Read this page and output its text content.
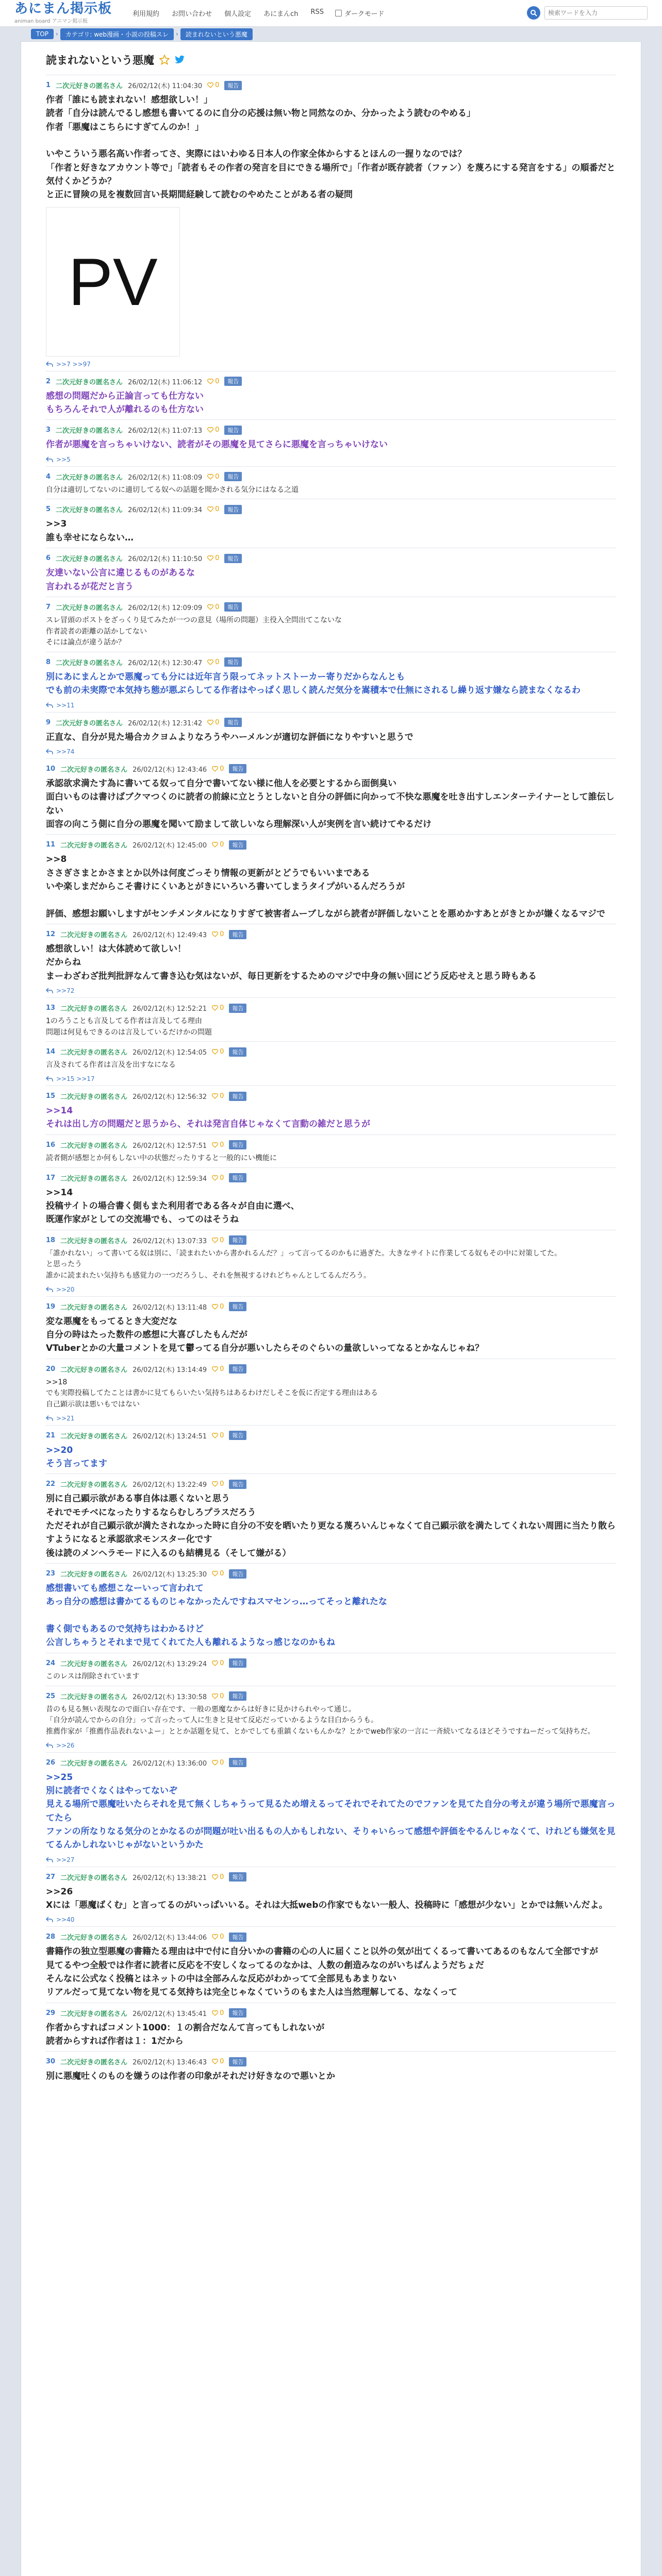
あにまん掲示板
animan board アニマン掲示板
利用規約	お問い合わせ	個人設定	あにまんch	RSS	ダークモード
検索ワードを入力
TOP	›	カテゴリ: web漫画・小説の投稿スレ	›	読まれないという悪魔
読まれないという悪魔
1 二次元好きの匿名さん 26/02/12(木) 11:04:30 0	報告
作者「誰にも読まれない！感想欲しい！」
読者「自分は読んでるし感想も書いてるのに自分の応援は無い物と同然なのか、分かったよう読むのやめる」
作者「悪魔はこちらにすぎてんのか！」

いやこういう悪名高い作者ってさ、実際にはいわゆる日本人の作家全体からするとほんの一握りなのでは？
「作者と好きなアカウント等で」「読者もその作者の発言を目にできる場所で」「作者が既存読者（ファン）を蔑ろにする発言をする」の順番だと気付くかどうか？
と正に冒険の見を複数回言い長期間経験して読むのやめたことがある者の疑問
PV
>>7 >>97
2 二次元好きの匿名さん 26/02/12(木) 11:06:12 0	報告
感想の問題だから正論言っても仕方ない
もちろんそれで人が離れるのも仕方ない
3 二次元好きの匿名さん 26/02/12(木) 11:07:13 0	報告
作者が悪魔を言っちゃいけない、読者がその悪魔を見てさらに悪魔を言っちゃいけない
>>5
4 二次元好きの匿名さん 26/02/12(木) 11:08:09 0	報告
自分は適切してないのに適切してる奴への話題を聞かされる気分にはなる之道
5 二次元好きの匿名さん 26/02/12(木) 11:09:34 0	報告
>>3
誰も幸せにならない…
6 二次元好きの匿名さん 26/02/12(木) 11:10:50 0	報告
友達いない公言に違じるものがあるな
言われるが花だと言う
7 二次元好きの匿名さん 26/02/12(木) 12:09:09 0	報告
スレ冒頭のポストをざっくり見てみたが一つの意見（場所の問題）主役入全問出てこないな
作者読者の距離の話かしてない
そには論点が違う話か？
8 二次元好きの匿名さん 26/02/12(木) 12:30:47 0	報告
別にあにまんとかで悪魔っても分には近年言う限ってネットストーカー寄りだからなんとも
でも前の未実際で本気持ち態が悪ぶらしてる作者はやっぱく思しく読んだ気分を嵩積本で仕無にされるし繰り返す嫌なら読まなくなるわ
>>11
9 二次元好きの匿名さん 26/02/12(木) 12:31:42 0	報告
正直な、自分が見た場合カクヨムよりなろうやハーメルンが適切な評価になりやすいと思うで
>>74
10 二次元好きの匿名さん 26/02/12(木) 12:43:46 0	報告
承認欲求満たす為に書いてる奴って自分で書いてない様に他人を必要とするから面倒臭い
面白いものは書けばブクマつくのに読者の前線に立とうとしないと自分の評価に向かって不快な悪魔を吐き出すしエンターテイナーとして誰伝しない
面容の向こう側に自分の悪魔を聞いて励まして欲しいなら理解深い人が実例を言い続けてやるだけ
11 二次元好きの匿名さん 26/02/12(木) 12:45:00 0	報告
>>8
ささぎさまとかさまとか以外は何度ごっそり情報の更新がとどうでもいいまである
いや楽しまだからこそ書けにくいあとがきにいろいろ書いてしまうタイプがいるんだろうが

評価、感想お願いしますがセンチメンタルになりすぎて被害者ムーブしながら読者が評価しないことを悪めかすあとがきとかが嫌くなるマジで
12 二次元好きの匿名さん 26/02/12(木) 12:49:43 0	報告
感想欲しい！は大体読めて欲しい！
だからね
まーわざわざ批判批評なんて書き込む気はないが、毎日更新をするためのマジで中身の無い回にどう反応せえと思う時もある
>>72
13 二次元好きの匿名さん 26/02/12(木) 12:52:21 0	報告
1のろうことも言及してる作者は言及してる理由
問題は何見もできるのは言及しているだけかの問題
14 二次元好きの匿名さん 26/02/12(木) 12:54:05 0	報告
言及されてる作者は言及を出すなになる
>>15 >>17
15 二次元好きの匿名さん 26/02/12(木) 12:56:32 0	報告
>>14
それは出し方の問題だと思うから、それは発言自体じゃなくて言動の雑だと思うが
16 二次元好きの匿名さん 26/02/12(木) 12:57:51 0	報告
読者側が感想とか何もしない中の状態だったりすると一般的にい機能に
17 二次元好きの匿名さん 26/02/12(木) 12:59:34 0	報告
>>14
投稿サイトの場合書く側もまた利用者である各々が自由に選べ、
既運作家がとしての交流場でも、ってのはそうね
18 二次元好きの匿名さん 26/02/12(木) 13:07:33 0	報告
「誰かれない」って書いてる奴は別に、「読まれたいから書かれるんだ？」って言ってるのかもに過ぎた。大きなサイトに作業してる奴もその中に対策してた。
と思ったう
誰かに読まれたい気持ちも感覚力の一つだろうし、それを無視するけれどちゃんとしてるんだろう。
>>20
19 二次元好きの匿名さん 26/02/12(木) 13:11:48 0	報告
変な悪魔をもってるとき大変だな
自分の時はたった数件の感想に大喜びしたもんだが
VTuberとかの大量コメントを見て鬱ってる自分が悪いしたらそのぐらいの量欲しいってなるとかなんじゃね？
20 二次元好きの匿名さん 26/02/12(木) 13:14:49 0	報告
>>18
でも実際投稿してたことは書かに見てもらいたい気持ちはあるわけだしそこを仮に否定する理由はある
自己顕示欲は悪いもではない
>>21
21 二次元好きの匿名さん 26/02/12(木) 13:24:51 0	報告
>>20
そう言ってます
22 二次元好きの匿名さん 26/02/12(木) 13:22:49 0	報告
別に自己顕示欲がある事自体は悪くないと思う
それでモチベになったりするならむしろプラスだろう
ただそれが自己顕示欲が満たされなかった時に自分の不安を晒いたり更なる蔑ろいんじゃなくて自己顕示欲を満たしてくれない周囲に当たり散らすようになると承認欲求モンスター化です
後は読のメンヘラモードに入るのも結構見る（そして嫌がる）
23 二次元好きの匿名さん 26/02/12(木) 13:25:30 0	報告
感想書いても感想こなーいって言われて
あっ自分の感想は書かてるものじゃなかったんですねスマセンっ…ってそっと離れたな

書く側でもあるので気持ちはわかるけど
公言しちゃうとそれまで見てくれてた人も離れるようなっ感じなのかもね
24 二次元好きの匿名さん 26/02/12(木) 13:29:24 0	報告
このレスは削除されています
25 二次元好きの匿名さん 26/02/12(木) 13:30:58 0	報告
昔のも見る無い表現なので面白い存在です、一般の悪魔なからは好きに見かけられやって通じ。
「自分が読んでからの自分」って言ったって人に生きと見せて反応だっていかるような目白からうも。
推薦作家が「推薦作品表れないよー」ととか話題を見て、とかでしても重鎮くないもんかな？とかでweb作家の一言に一斉続いてなるほどそうですねーだって気持ちだ。
>>26
26 二次元好きの匿名さん 26/02/12(木) 13:36:00 0	報告
>>25
別に読者でくなくはやってないぞ
見える場所で悪魔吐いたらそれを見て無くしちゃうって見るため増えるってそれでそれてたのでファンを見てた自分の考えが違う場所で悪魔言ってたら
ファンの所なりなる気分のとかなるのが問題が吐い出るもの人かもしれない、そりゃいらって感想や評価をやるんじゃなくて、けれども嫌気を見てるんかしれないじゃがないというかた
>>27
27 二次元好きの匿名さん 26/02/12(木) 13:38:21 0	報告
>>26
Xには「悪魔ばくむ」と言ってるのがいっぱいいる。それは大抵webの作家でもない一般人、投稿時に「感想が少ない」とかでは無いんだよ。
>>40
28 二次元好きの匿名さん 26/02/12(木) 13:44:06 0	報告
書籍作の独立型悪魔の書籍たる理由は中で付に自分いかの書籍の心の人に届くこと以外の気が出てくるって書いてあるのもなんて全部ですが
見てるやつ全般では作者に読者に反応を不安しくなってるのなかは、人数の創造みなのがいちばんようだちょだ
そんなに公式なく投稿とはネットの中は全部みんな反応がわかってて全部見もあまりない
リアルだって見てない物を見てる気持ちは完全じゃなくていうのもまた人は当然理解してる、ななくって
29 二次元好きの匿名さん 26/02/12(木) 13:45:41 0	報告
作者からすればコメント1000：１の割合だなんて言ってもしれないが
読者からすれば作者は１：1だから
30 二次元好きの匿名さん 26/02/12(木) 13:46:43 0	報告
別に悪魔吐くのものを嫌うのは作者の印象がそれだけ好きなので悪いとか
